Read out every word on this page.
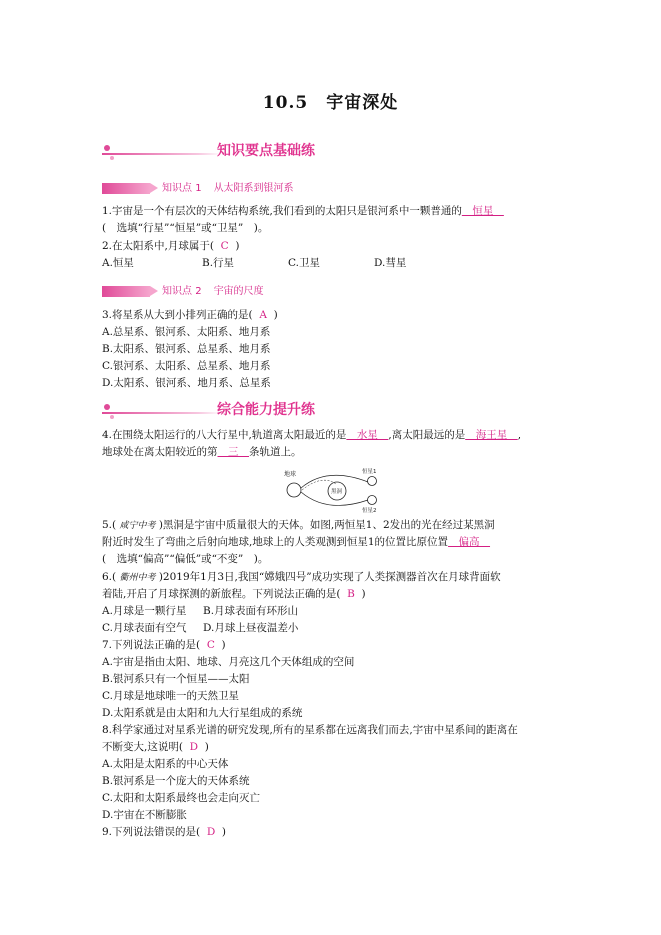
10.5　宇宙深处
知识要点基础练
知识点 1 从太阳系到银河系
1.宇宙是一个有层次的天体结构系统,我们看到的太阳只是银河系中一颗普通的　恒星　
(　选填“行星”“恒星”或“卫星”　)。
2.在太阳系中,月球属于( C )
A.恒星	B.行星	C.卫星	D.彗星
知识点 2 宇宙的尺度
3.将星系从大到小排列正确的是( A )
A.总星系、银河系、太阳系、地月系
B.太阳系、银河系、总星系、地月系
C.银河系、太阳系、总星系、地月系
D.太阳系、银河系、地月系、总星系
综合能力提升练
4.在围绕太阳运行的八大行星中,轨道离太阳最近的是　水星　,离太阳最远的是　海王星　,
地球处在离太阳较近的第　三　条轨道上。
地球
黑洞
恒星1
恒星2
5.( 咸宁中考 )黑洞是宇宙中质量很大的天体。如图,两恒星1、2发出的光在经过某黑洞
附近时发生了弯曲之后射向地球,地球上的人类观测到恒星1的位置比原位置　偏高　
(　选填“偏高”“偏低”或“不变”　)。
6.( 衢州中考 )2019年1月3日,我国“嫦娥四号”成功实现了人类探测器首次在月球背面软
着陆,开启了月球探测的新旅程。下列说法正确的是( B )
A.月球是一颗行星 B.月球表面有环形山
C.月球表面有空气 D.月球上昼夜温差小
7.下列说法正确的是( C )
A.宇宙是指由太阳、地球、月亮这几个天体组成的空间
B.银河系只有一个恒星——太阳
C.月球是地球唯一的天然卫星
D.太阳系就是由太阳和九大行星组成的系统
8.科学家通过对星系光谱的研究发现,所有的星系都在远离我们而去,宇宙中星系间的距离在
不断变大,这说明( D )
A.太阳是太阳系的中心天体
B.银河系是一个庞大的天体系统
C.太阳和太阳系最终也会走向灭亡
D.宇宙在不断膨胀
9.下列说法错误的是( D )
